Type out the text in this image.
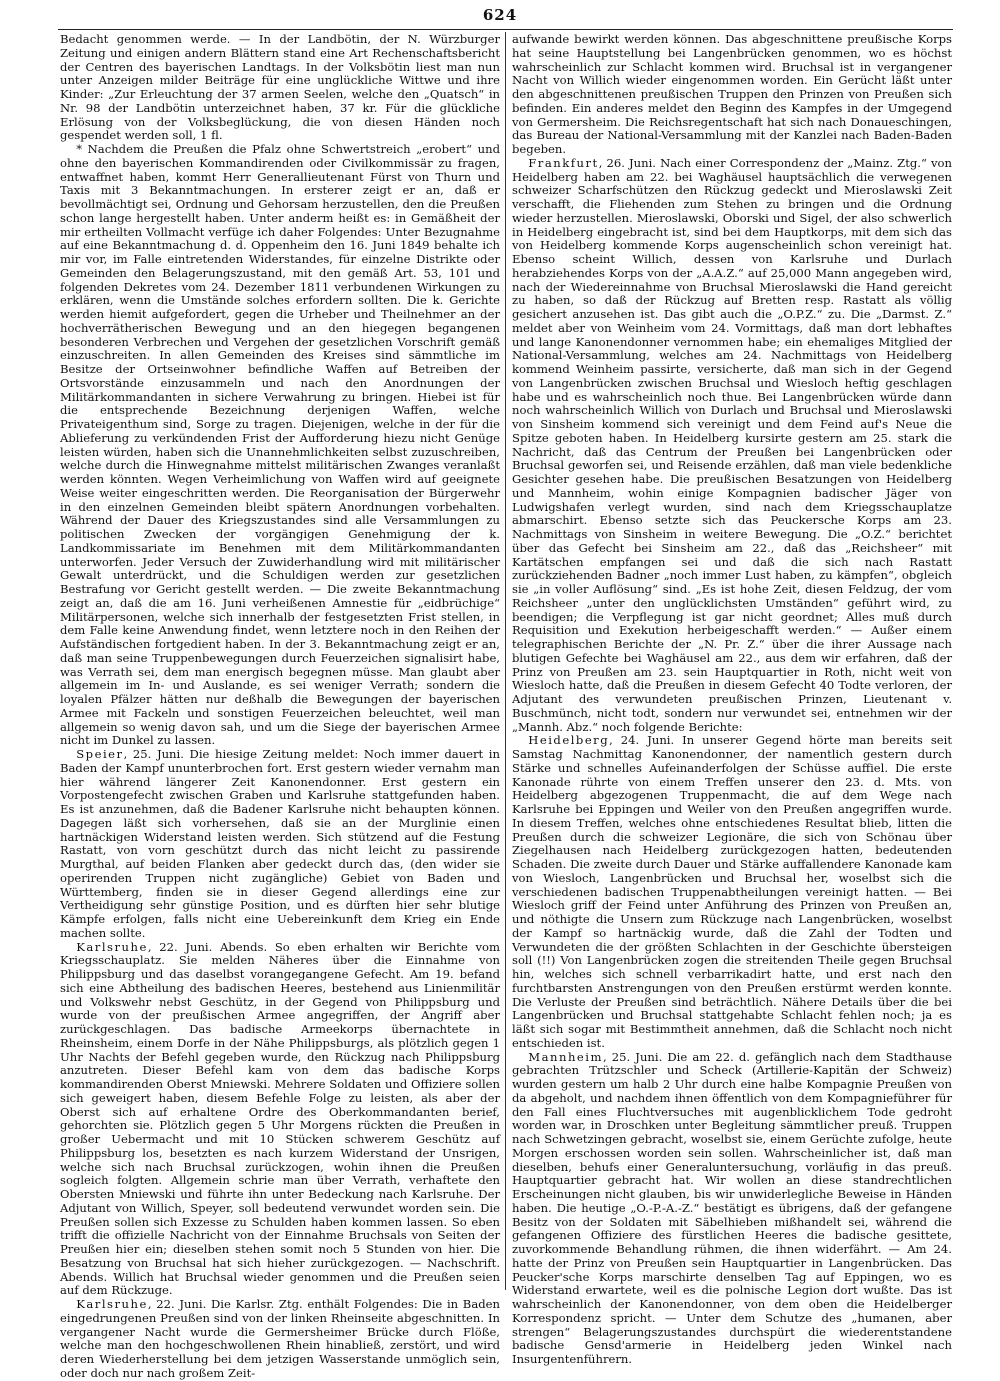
624

Bedacht genommen werde. — In der Landbötin, der N. Würzburger Zeitung und einigen andern Blättern stand eine Art Rechenschaftsbericht der Centren des bayerischen Landtags. In der Volksbötin liest man nun unter Anzeigen milder Beiträge für eine unglückliche Wittwe und ihre Kinder: „Zur Erleuchtung der 37 armen Seelen, welche den „Quatsch“ in Nr. 98 der Landbötin unterzeichnet haben, 37 kr. Für die glückliche Erlösung von der Volksbeglückung, die von diesen Händen noch gespendet werden soll, 1 fl.

* Nachdem die Preußen die Pfalz ohne Schwertstreich „erobert“ und ohne den bayerischen Kommandirenden oder Civilkommissär zu fragen, entwaffnet haben, kommt Herr Generallieutenant Fürst von Thurn und Taxis mit 3 Bekanntmachungen. In ersterer zeigt er an, daß er bevollmächtigt sei, Ordnung und Gehorsam herzustellen, den die Preußen schon lange hergestellt haben. Unter anderm heißt es: in Gemäßheit der mir ertheilten Vollmacht verfüge ich daher Folgendes: Unter Bezugnahme auf eine Bekanntmachung d. d. Oppenheim den 16. Juni 1849 behalte ich mir vor, im Falle eintretenden Widerstandes, für einzelne Distrikte oder Gemeinden den Belagerungszustand, mit den gemäß Art. 53, 101 und folgenden Dekretes vom 24. Dezember 1811 verbundenen Wirkungen zu erklären, wenn die Umstände solches erfordern sollten. Die k. Gerichte werden hiemit aufgefordert, gegen die Urheber und Theilnehmer an der hochverrätherischen Bewegung und an den hiegegen begangenen besonderen Verbrechen und Vergehen der gesetzlichen Vorschrift gemäß einzuschreiten. In allen Gemeinden des Kreises sind sämmtliche im Besitze der Ortseinwohner befindliche Waffen auf Betreiben der Ortsvorstände einzusammeln und nach den Anordnungen der Militärkommandanten in sichere Verwahrung zu bringen. Hiebei ist für die entsprechende Bezeichnung derjenigen Waffen, welche Privateigenthum sind, Sorge zu tragen. Diejenigen, welche in der für die Ablieferung zu verkündenden Frist der Aufforderung hiezu nicht Genüge leisten würden, haben sich die Unannehmlichkeiten selbst zuzuschreiben, welche durch die Hinwegnahme mittelst militärischen Zwanges veranlaßt werden könnten. Wegen Verheimlichung von Waffen wird auf geeignete Weise weiter eingeschritten werden. Die Reorganisation der Bürgerwehr in den einzelnen Gemeinden bleibt spätern Anordnungen vorbehalten. Während der Dauer des Kriegszustandes sind alle Versammlungen zu politischen Zwecken der vorgängigen Genehmigung der k. Landkommissariate im Benehmen mit dem Militärkommandanten unterworfen. Jeder Versuch der Zuwiderhandlung wird mit militärischer Gewalt unterdrückt, und die Schuldigen werden zur gesetzlichen Bestrafung vor Gericht gestellt werden. — Die zweite Bekanntmachung zeigt an, daß die am 16. Juni verheißenen Amnestie für „eidbrüchige“ Militärpersonen, welche sich innerhalb der festgesetzten Frist stellen, in dem Falle keine Anwendung findet, wenn letztere noch in den Reihen der Aufständischen fortgedient haben. In der 3. Bekanntmachung zeigt er an, daß man seine Truppenbewegungen durch Feuerzeichen signalisirt habe, was Verrath sei, dem man energisch begegnen müsse. Man glaubt aber allgemein im In- und Auslande, es sei weniger Verrath; sondern die loyalen Pfälzer hätten nur deßhalb die Bewegungen der bayerischen Armee mit Fackeln und sonstigen Feuerzeichen beleuchtet, weil man allgemein so wenig davon sah, und um die Siege der bayerischen Armee nicht im Dunkel zu lassen.

Speier, 25. Juni. Die hiesige Zeitung meldet: Noch immer dauert in Baden der Kampf ununterbrochen fort. Erst gestern wieder vernahm man hier während längerer Zeit Kanonendonner. Erst gestern ein Vorpostengefecht zwischen Graben und Karlsruhe stattgefunden haben. Es ist anzunehmen, daß die Badener Karlsruhe nicht behaupten können. Dagegen läßt sich vorhersehen, daß sie an der Murglinie einen hartnäckigen Widerstand leisten werden. Sich stützend auf die Festung Rastatt, von vorn geschützt durch das nicht leicht zu passirende Murgthal, auf beiden Flanken aber gedeckt durch das, (den wider sie operirenden Truppen nicht zugängliche) Gebiet von Baden und Württemberg, finden sie in dieser Gegend allerdings eine zur Vertheidigung sehr günstige Position, und es dürften hier sehr blutige Kämpfe erfolgen, falls nicht eine Uebereinkunft dem Krieg ein Ende machen sollte.

Karlsruhe, 22. Juni. Abends. So eben erhalten wir Berichte vom Kriegsschauplatz. Sie melden Näheres über die Einnahme von Philippsburg und das daselbst vorangegangene Gefecht. Am 19. befand sich eine Abtheilung des badischen Heeres, bestehend aus Linienmilitär und Volkswehr nebst Geschütz, in der Gegend von Philippsburg und wurde von der preußischen Armee angegriffen, der Angriff aber zurückgeschlagen. Das badische Armeekorps übernachtete in Rheinsheim, einem Dorfe in der Nähe Philippsburgs, als plötzlich gegen 1 Uhr Nachts der Befehl gegeben wurde, den Rückzug nach Philippsburg anzutreten. Dieser Befehl kam von dem das badische Korps kommandirenden Oberst Mniewski. Mehrere Soldaten und Offiziere sollen sich geweigert haben, diesem Befehle Folge zu leisten, als aber der Oberst sich auf erhaltene Ordre des Oberkommandanten berief, gehorchten sie. Plötzlich gegen 5 Uhr Morgens rückten die Preußen in großer Uebermacht und mit 10 Stücken schwerem Geschütz auf Philippsburg los, besetzten es nach kurzem Widerstand der Unsrigen, welche sich nach Bruchsal zurückzogen, wohin ihnen die Preußen sogleich folgten. Allgemein schrie man über Verrath, verhaftete den Obersten Mniewski und führte ihn unter Bedeckung nach Karlsruhe. Der Adjutant von Willich, Speyer, soll bedeutend verwundet worden sein. Die Preußen sollen sich Exzesse zu Schulden haben kommen lassen. So eben trifft die offizielle Nachricht von der Einnahme Bruchsals von Seiten der Preußen hier ein; dieselben stehen somit noch 5 Stunden von hier. Die Besatzung von Bruchsal hat sich hieher zurückgezogen. — Nachschrift. Abends. Willich hat Bruchsal wieder genommen und die Preußen seien auf dem Rückzuge.

Karlsruhe, 22. Juni. Die Karlsr. Ztg. enthält Folgendes: Die in Baden eingedrungenen Preußen sind von der linken Rheinseite abgeschnitten. In vergangener Nacht wurde die Germersheimer Brücke durch Flöße, welche man den hochgeschwollenen Rhein hinabließ, zerstört, und wird deren Wiederherstellung bei dem jetzigen Wasserstande unmöglich sein, oder doch nur nach großem Zeit-

aufwande bewirkt werden können. Das abgeschnittene preußische Korps hat seine Hauptstellung bei Langenbrücken genommen, wo es höchst wahrscheinlich zur Schlacht kommen wird. Bruchsal ist in vergangener Nacht von Willich wieder eingenommen worden. Ein Gerücht läßt unter den abgeschnittenen preußischen Truppen den Prinzen von Preußen sich befinden. Ein anderes meldet den Beginn des Kampfes in der Umgegend von Germersheim. Die Reichsregentschaft hat sich nach Donaueschingen, das Bureau der National-Versammlung mit der Kanzlei nach Baden-Baden begeben.

Frankfurt, 26. Juni. Nach einer Correspondenz der „Mainz. Ztg.“ von Heidelberg haben am 22. bei Waghäusel hauptsächlich die verwegenen schweizer Scharfschützen den Rückzug gedeckt und Mieroslawski Zeit verschafft, die Fliehenden zum Stehen zu bringen und die Ordnung wieder herzustellen. Mieroslawski, Oborski und Sigel, der also schwerlich in Heidelberg eingebracht ist, sind bei dem Hauptkorps, mit dem sich das von Heidelberg kommende Korps augenscheinlich schon vereinigt hat. Ebenso scheint Willich, dessen von Karlsruhe und Durlach herabziehendes Korps von der „A.A.Z.“ auf 25,000 Mann angegeben wird, nach der Wiedereinnahme von Bruchsal Mieroslawski die Hand gereicht zu haben, so daß der Rückzug auf Bretten resp. Rastatt als völlig gesichert anzusehen ist. Das gibt auch die „O.P.Z.“ zu. Die „Darmst. Z.“ meldet aber von Weinheim vom 24. Vormittags, daß man dort lebhaftes und lange Kanonendonner vernommen habe; ein ehemaliges Mitglied der National-Versammlung, welches am 24. Nachmittags von Heidelberg kommend Weinheim passirte, versicherte, daß man sich in der Gegend von Langenbrücken zwischen Bruchsal und Wiesloch heftig geschlagen habe und es wahrscheinlich noch thue. Bei Langenbrücken würde dann noch wahrscheinlich Willich von Durlach und Bruchsal und Mieroslawski von Sinsheim kommend sich vereinigt und dem Feind auf's Neue die Spitze geboten haben. In Heidelberg kursirte gestern am 25. stark die Nachricht, daß das Centrum der Preußen bei Langenbrücken oder Bruchsal geworfen sei, und Reisende erzählen, daß man viele bedenkliche Gesichter gesehen habe. Die preußischen Besatzungen von Heidelberg und Mannheim, wohin einige Kompagnien badischer Jäger von Ludwigshafen verlegt wurden, sind nach dem Kriegsschauplatze abmarschirt. Ebenso setzte sich das Peuckersche Korps am 23. Nachmittags von Sinsheim in weitere Bewegung. Die „O.Z.“ berichtet über das Gefecht bei Sinsheim am 22., daß das „Reichsheer“ mit Kartätschen empfangen sei und daß die sich nach Rastatt zurückziehenden Badner „noch immer Lust haben, zu kämpfen“, obgleich sie „in voller Auflösung“ sind. „Es ist hohe Zeit, diesen Feldzug, der vom Reichsheer „unter den unglücklichsten Umständen“ geführt wird, zu beendigen; die Verpflegung ist gar nicht geordnet; Alles muß durch Requisition und Exekution herbeigeschafft werden.“ — Außer einem telegraphischen Berichte der „N. Pr. Z.“ über die ihrer Aussage nach blutigen Gefechte bei Waghäusel am 22., aus dem wir erfahren, daß der Prinz von Preußen am 23. sein Hauptquartier in Roth, nicht weit von Wiesloch hatte, daß die Preußen in diesem Gefecht 40 Todte verloren, der Adjutant des verwundeten preußischen Prinzen, Lieutenant v. Buschmünch, nicht todt, sondern nur verwundet sei, entnehmen wir der „Mannh. Abz.“ noch folgende Berichte:

Heidelberg, 24. Juni. In unserer Gegend hörte man bereits seit Samstag Nachmittag Kanonendonner, der namentlich gestern durch Stärke und schnelles Aufeinanderfolgen der Schüsse auffiel. Die erste Kanonade rührte von einem Treffen unserer den 23. d. Mts. von Heidelberg abgezogenen Truppenmacht, die auf dem Wege nach Karlsruhe bei Eppingen und Weiler von den Preußen angegriffen wurde. In diesem Treffen, welches ohne entschiedenes Resultat blieb, litten die Preußen durch die schweizer Legionäre, die sich von Schönau über Ziegelhausen nach Heidelberg zurückgezogen hatten, bedeutenden Schaden. Die zweite durch Dauer und Stärke auffallendere Kanonade kam von Wiesloch, Langenbrücken und Bruchsal her, woselbst sich die verschiedenen badischen Truppenabtheilungen vereinigt hatten. — Bei Wiesloch griff der Feind unter Anführung des Prinzen von Preußen an, und nöthigte die Unsern zum Rückzuge nach Langenbrücken, woselbst der Kampf so hartnäckig wurde, daß die Zahl der Todten und Verwundeten die der größten Schlachten in der Geschichte übersteigen soll (!!) Von Langenbrücken zogen die streitenden Theile gegen Bruchsal hin, welches sich schnell verbarrikadirt hatte, und erst nach den furchtbarsten Anstrengungen von den Preußen erstürmt werden konnte. Die Verluste der Preußen sind beträchtlich. Nähere Details über die bei Langenbrücken und Bruchsal stattgehabte Schlacht fehlen noch; ja es läßt sich sogar mit Bestimmtheit annehmen, daß die Schlacht noch nicht entschieden ist.

Mannheim, 25. Juni. Die am 22. d. gefänglich nach dem Stadthause gebrachten Trützschler und Scheck (Artillerie-Kapitän der Schweiz) wurden gestern um halb 2 Uhr durch eine halbe Kompagnie Preußen von da abgeholt, und nachdem ihnen öffentlich von dem Kompagnieführer für den Fall eines Fluchtversuches mit augenblicklichem Tode gedroht worden war, in Droschken unter Begleitung sämmtlicher preuß. Truppen nach Schwetzingen gebracht, woselbst sie, einem Gerüchte zufolge, heute Morgen erschossen worden sein sollen. Wahrscheinlicher ist, daß man dieselben, behufs einer Generaluntersuchung, vorläufig in das preuß. Hauptquartier gebracht hat. Wir wollen an diese standrechtlichen Erscheinungen nicht glauben, bis wir unwiderlegliche Beweise in Händen haben. Die heutige „O.-P.-A.-Z.“ bestätigt es übrigens, daß der gefangene Besitz von der Soldaten mit Säbelhieben mißhandelt sei, während die gefangenen Offiziere des fürstlichen Heeres die badische gesittete, zuvorkommende Behandlung rühmen, die ihnen widerfährt. — Am 24. hatte der Prinz von Preußen sein Hauptquartier in Langenbrücken. Das Peucker'sche Korps marschirte denselben Tag auf Eppingen, wo es Widerstand erwartete, weil es die polnische Legion dort wußte. Das ist wahrscheinlich der Kanonendonner, von dem oben die Heidelberger Korrespondenz spricht. — Unter dem Schutze des „humanen, aber strengen“ Belagerungszustandes durchspürt die wiederentstandene badische Gensd'armerie in Heidelberg jeden Winkel nach Insurgentenführern.
